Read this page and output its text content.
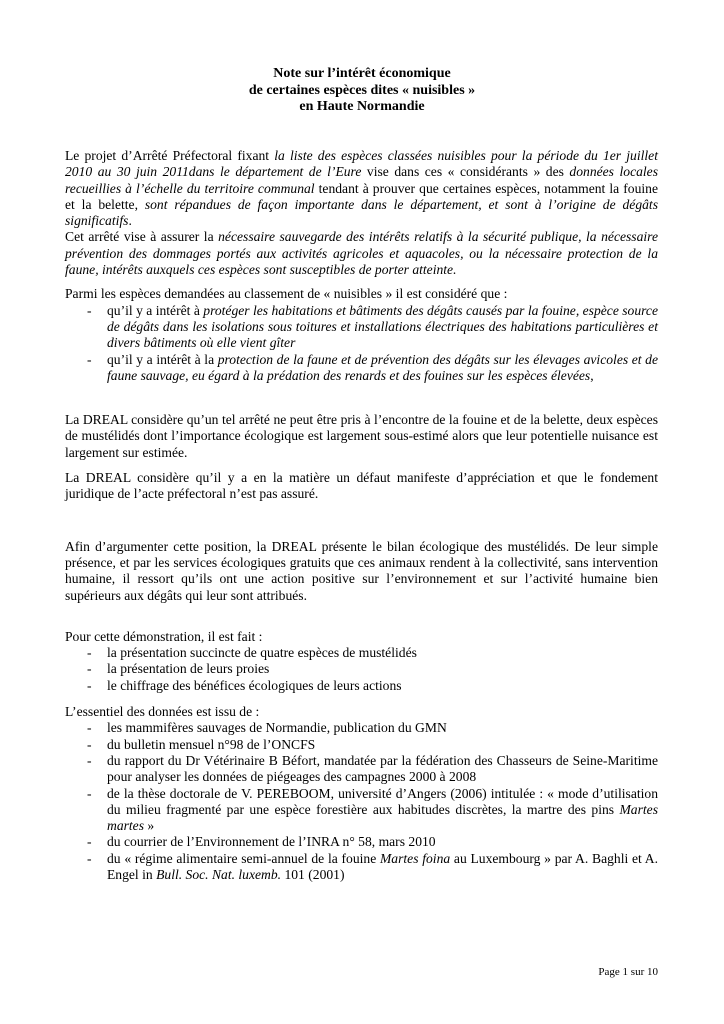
Note sur l’intérêt économique
de certaines espèces dites « nuisibles »
en Haute Normandie

Le projet d’Arrêté Préfectoral fixant la liste des espèces classées nuisibles pour la période du 1er juillet 2010 au 30 juin 2011dans le département de l’Eure vise dans ces « considérants » des données locales recueillies à l’échelle du territoire communal tendant à prouver que certaines espèces, notamment la fouine et la belette, sont répandues de façon importante dans le département, et sont à l’origine de dégâts significatifs.

Cet arrêté vise à assurer la nécessaire sauvegarde des intérêts relatifs à la sécurité publique, la nécessaire prévention des dommages portés aux activités agricoles et aquacoles, ou la nécessaire protection de la faune, intérêts auxquels ces espèces sont susceptibles de porter atteinte.

Parmi les espèces demandées au classement de « nuisibles » il est considéré que :

- qu’il y a intérêt à protéger les habitations et bâtiments des dégâts causés par la fouine, espèce source de dégâts dans les isolations sous toitures et installations électriques des habitations particulières et divers bâtiments où elle vient gîter
- qu’il y a intérêt à la protection de la faune et de prévention des dégâts sur les élevages avicoles et de faune sauvage, eu égard à la prédation des renards et des fouines sur les espèces élevées,
La DREAL considère qu’un tel arrêté ne peut être pris à l’encontre de la fouine et de la belette, deux espèces de mustélidés dont l’importance écologique est largement sous-estimé alors que leur potentielle nuisance est largement sur estimée.
La DREAL considère qu’il y a en la matière un défaut manifeste d’appréciation et que le fondement juridique de l’acte préfectoral n’est pas assuré.
Afin d’argumenter cette position, la DREAL présente le bilan écologique des mustélidés. De leur simple présence, et par les services écologiques gratuits que ces animaux rendent à la collectivité, sans intervention humaine, il ressort qu’ils ont une action positive sur l’environnement et sur l’activité humaine bien supérieurs aux dégâts qui leur sont attribués.

Pour cette démonstration, il est fait :

- la présentation succincte de quatre espèces de mustélidés
- la présentation de leurs proies
- le chiffrage des bénéfices écologiques de leurs actions

L’essentiel des données est issu de :

- les mammifères sauvages de Normandie, publication du GMN
- du bulletin mensuel n°98 de l’ONCFS
- du rapport du Dr Vétérinaire B Béfort, mandatée par la fédération des Chasseurs de Seine-Maritime pour analyser les données de piégeages des campagnes 2000 à 2008
- de la thèse doctorale de V. PEREBOOM, université d’Angers (2006) intitulée : « mode d’utilisation du milieu fragmenté par une espèce forestière aux habitudes discrètes, la martre des pins Martes martes »
- du courrier de l’Environnement de l’INRA n° 58, mars 2010
- du « régime alimentaire semi-annuel de la fouine Martes foina au Luxembourg » par A. Baghli et A. Engel in Bull. Soc. Nat. luxemb. 101 (2001)
Page 1 sur 10
